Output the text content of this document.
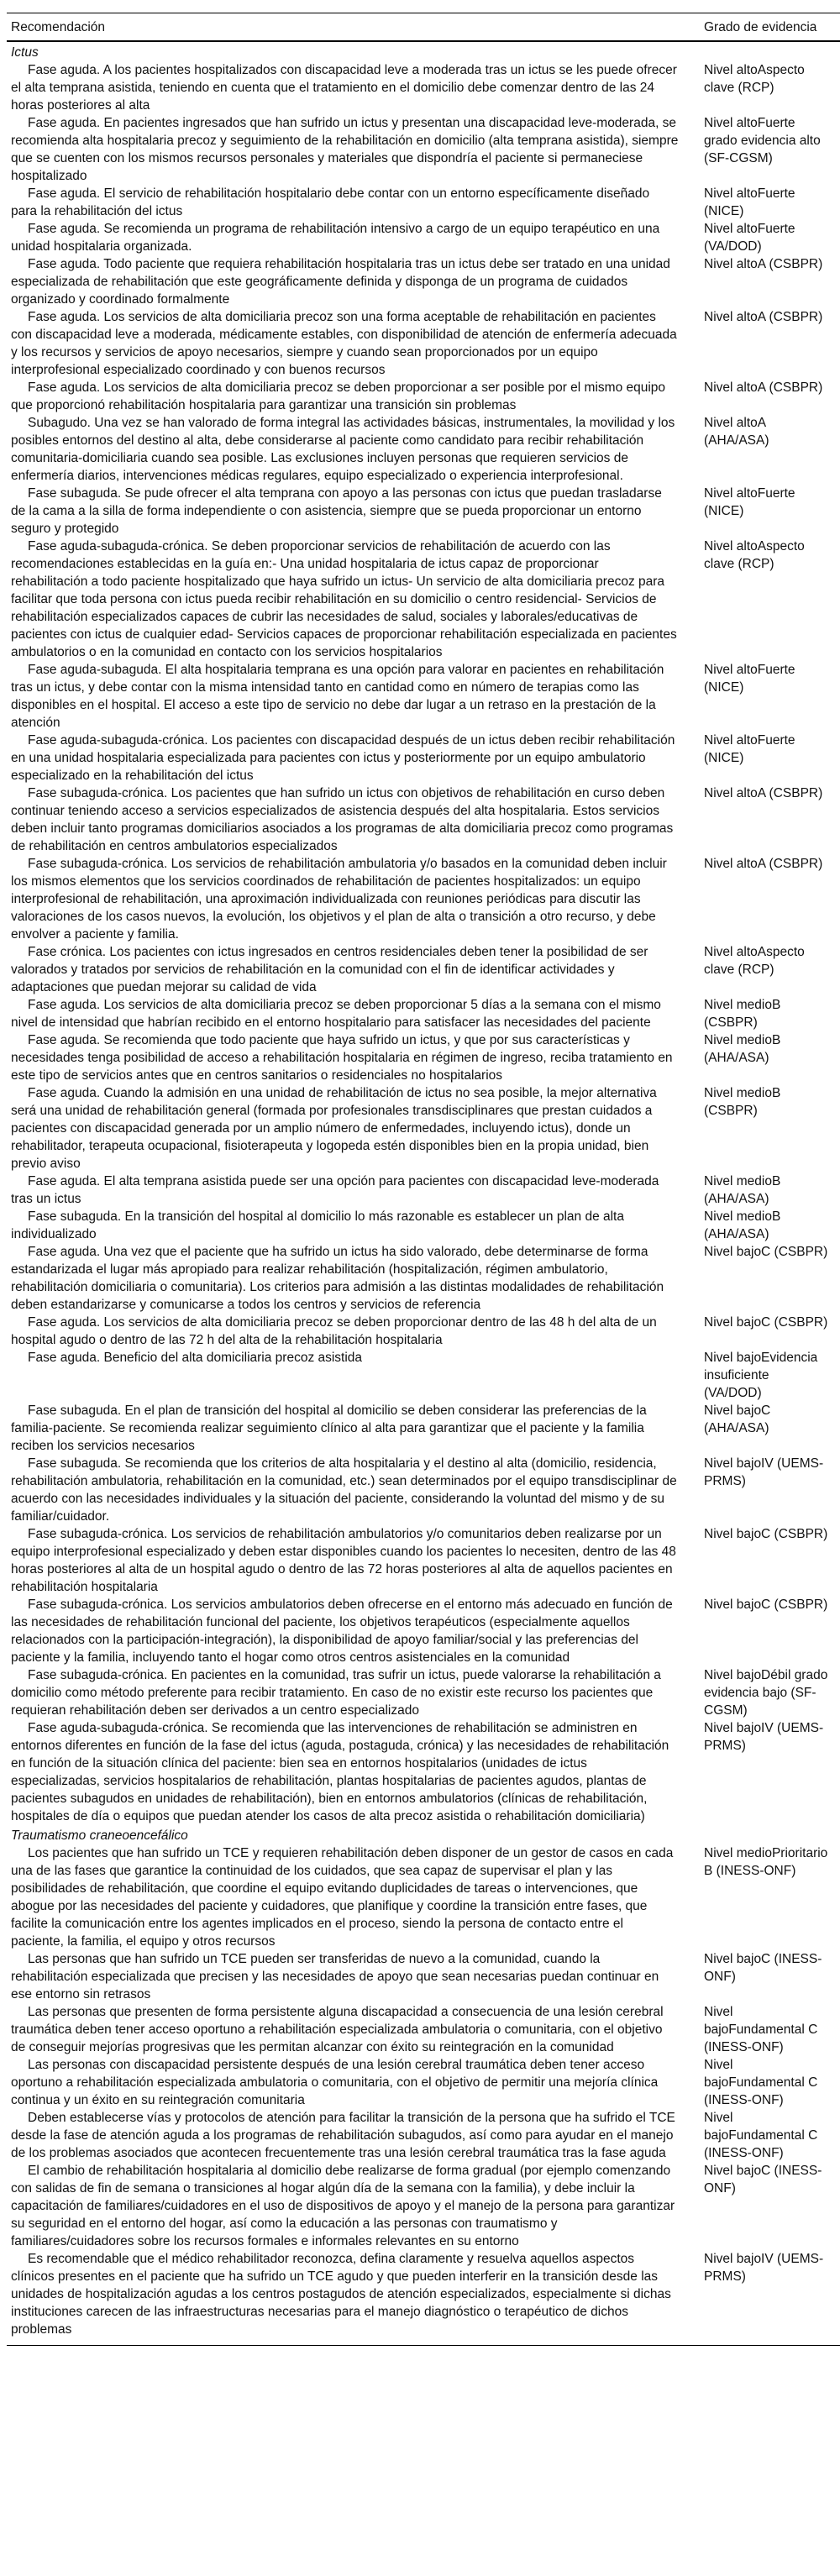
Recomendación	Grado de evidencia
Ictus
Fase aguda. A los pacientes hospitalizados con discapacidad leve a moderada tras un ictus se les puede ofrecer el alta temprana asistida, teniendo en cuenta que el tratamiento en el domicilio debe comenzar dentro de las 24 horas posteriores al alta
Nivel altoAspecto clave (RCP)
Fase aguda. En pacientes ingresados que han sufrido un ictus y presentan una discapacidad leve-moderada, se recomienda alta hospitalaria precoz y seguimiento de la rehabilitación en domicilio (alta temprana asistida), siempre que se cuenten con los mismos recursos personales y materiales que dispondría el paciente si permaneciese hospitalizado
Nivel altoFuerte grado evidencia alto (SF-CGSM)
Fase aguda. El servicio de rehabilitación hospitalario debe contar con un entorno específicamente diseñado para la rehabilitación del ictus
Nivel altoFuerte (NICE)
Fase aguda. Se recomienda un programa de rehabilitación intensivo a cargo de un equipo terapéutico en una unidad hospitalaria organizada.
Nivel altoFuerte (VA/DOD)
Fase aguda. Todo paciente que requiera rehabilitación hospitalaria tras un ictus debe ser tratado en una unidad especializada de rehabilitación que este geográficamente definida y disponga de un programa de cuidados organizado y coordinado formalmente
Nivel altoA (CSBPR)
Fase aguda. Los servicios de alta domiciliaria precoz son una forma aceptable de rehabilitación en pacientes con discapacidad leve a moderada, médicamente estables, con disponibilidad de atención de enfermería adecuada y los recursos y servicios de apoyo necesarios, siempre y cuando sean proporcionados por un equipo interprofesional especializado coordinado y con buenos recursos
Nivel altoA (CSBPR)
Fase aguda. Los servicios de alta domiciliaria precoz se deben proporcionar a ser posible por el mismo equipo que proporcionó rehabilitación hospitalaria para garantizar una transición sin problemas
Nivel altoA (CSBPR)
Subagudo. Una vez se han valorado de forma integral las actividades básicas, instrumentales, la movilidad y los posibles entornos del destino al alta, debe considerarse al paciente como candidato para recibir rehabilitación comunitaria-domiciliaria cuando sea posible. Las exclusiones incluyen personas que requieren servicios de enfermería diarios, intervenciones médicas regulares, equipo especializado o experiencia interprofesional.
Nivel altoA (AHA/ASA)
Fase subaguda. Se pude ofrecer el alta temprana con apoyo a las personas con ictus que puedan trasladarse de la cama a la silla de forma independiente o con asistencia, siempre que se pueda proporcionar un entorno seguro y protegido
Nivel altoFuerte (NICE)
Fase aguda-subaguda-crónica. Se deben proporcionar servicios de rehabilitación de acuerdo con las recomendaciones establecidas en la guía en:- Una unidad hospitalaria de ictus capaz de proporcionar rehabilitación a todo paciente hospitalizado que haya sufrido un ictus- Un servicio de alta domiciliaria precoz para facilitar que toda persona con ictus pueda recibir rehabilitación en su domicilio o centro residencial- Servicios de rehabilitación especializados capaces de cubrir las necesidades de salud, sociales y laborales/educativas de pacientes con ictus de cualquier edad- Servicios capaces de proporcionar rehabilitación especializada en pacientes ambulatorios o en la comunidad en contacto con los servicios hospitalarios
Nivel altoAspecto clave (RCP)
Fase aguda-subaguda. El alta hospitalaria temprana es una opción para valorar en pacientes en rehabilitación tras un ictus, y debe contar con la misma intensidad tanto en cantidad como en número de terapias como las disponibles en el hospital. El acceso a este tipo de servicio no debe dar lugar a un retraso en la prestación de la atención
Nivel altoFuerte (NICE)
Fase aguda-subaguda-crónica. Los pacientes con discapacidad después de un ictus deben recibir rehabilitación en una unidad hospitalaria especializada para pacientes con ictus y posteriormente por un equipo ambulatorio especializado en la rehabilitación del ictus
Nivel altoFuerte (NICE)
Fase subaguda-crónica. Los pacientes que han sufrido un ictus con objetivos de rehabilitación en curso deben continuar teniendo acceso a servicios especializados de asistencia después del alta hospitalaria. Estos servicios deben incluir tanto programas domiciliarios asociados a los programas de alta domiciliaria precoz como programas de rehabilitación en centros ambulatorios especializados
Nivel altoA (CSBPR)
Fase subaguda-crónica. Los servicios de rehabilitación ambulatoria y/o basados en la comunidad deben incluir los mismos elementos que los servicios coordinados de rehabilitación de pacientes hospitalizados: un equipo interprofesional de rehabilitación, una aproximación individualizada con reuniones periódicas para discutir las valoraciones de los casos nuevos, la evolución, los objetivos y el plan de alta o transición a otro recurso, y debe envolver a paciente y familia.
Nivel altoA (CSBPR)
Fase crónica. Los pacientes con ictus ingresados en centros residenciales deben tener la posibilidad de ser valorados y tratados por servicios de rehabilitación en la comunidad con el fin de identificar actividades y adaptaciones que puedan mejorar su calidad de vida
Nivel altoAspecto clave (RCP)
Fase aguda. Los servicios de alta domiciliaria precoz se deben proporcionar 5 días a la semana con el mismo nivel de intensidad que habrían recibido en el entorno hospitalario para satisfacer las necesidades del paciente
Nivel medioB (CSBPR)
Fase aguda. Se recomienda que todo paciente que haya sufrido un ictus, y que por sus características y necesidades tenga posibilidad de acceso a rehabilitación hospitalaria en régimen de ingreso, reciba tratamiento en este tipo de servicios antes que en centros sanitarios o residenciales no hospitalarios
Nivel medioB (AHA/ASA)
Fase aguda. Cuando la admisión en una unidad de rehabilitación de ictus no sea posible, la mejor alternativa será una unidad de rehabilitación general (formada por profesionales transdisciplinares que prestan cuidados a pacientes con discapacidad generada por un amplio número de enfermedades, incluyendo ictus), donde un rehabilitador, terapeuta ocupacional, fisioterapeuta y logopeda estén disponibles bien en la propia unidad, bien previo aviso
Nivel medioB (CSBPR)
Fase aguda. El alta temprana asistida puede ser una opción para pacientes con discapacidad leve-moderada tras un ictus
Nivel medioB (AHA/ASA)
Fase subaguda. En la transición del hospital al domicilio lo más razonable es establecer un plan de alta individualizado
Nivel medioB (AHA/ASA)
Fase aguda. Una vez que el paciente que ha sufrido un ictus ha sido valorado, debe determinarse de forma estandarizada el lugar más apropiado para realizar rehabilitación (hospitalización, régimen ambulatorio, rehabilitación domiciliaria o comunitaria). Los criterios para admisión a las distintas modalidades de rehabilitación deben estandarizarse y comunicarse a todos los centros y servicios de referencia
Nivel bajoC (CSBPR)
Fase aguda. Los servicios de alta domiciliaria precoz se deben proporcionar dentro de las 48 h del alta de un hospital agudo o dentro de las 72 h del alta de la rehabilitación hospitalaria
Nivel bajoC (CSBPR)
Fase aguda. Beneficio del alta domiciliaria precoz asistida	Nivel bajoEvidencia insuficiente (VA/DOD)
Fase subaguda. En el plan de transición del hospital al domicilio se deben considerar las preferencias de la familia-paciente. Se recomienda realizar seguimiento clínico al alta para garantizar que el paciente y la familia reciben los servicios necesarios
Nivel bajoC (AHA/ASA)
Fase subaguda. Se recomienda que los criterios de alta hospitalaria y el destino al alta (domicilio, residencia, rehabilitación ambulatoria, rehabilitación en la comunidad, etc.) sean determinados por el equipo transdisciplinar de acuerdo con las necesidades individuales y la situación del paciente, considerando la voluntad del mismo y de su familiar/cuidador.
Nivel bajoIV (UEMS-PRMS)
Fase subaguda-crónica. Los servicios de rehabilitación ambulatorios y/o comunitarios deben realizarse por un equipo interprofesional especializado y deben estar disponibles cuando los pacientes lo necesiten, dentro de las 48 horas posteriores al alta de un hospital agudo o dentro de las 72 horas posteriores al alta de aquellos pacientes en rehabilitación hospitalaria
Nivel bajoC (CSBPR)
Fase subaguda-crónica. Los servicios ambulatorios deben ofrecerse en el entorno más adecuado en función de las necesidades de rehabilitación funcional del paciente, los objetivos terapéuticos (especialmente aquellos relacionados con la participación-integración), la disponibilidad de apoyo familiar/social y las preferencias del paciente y la familia, incluyendo tanto el hogar como otros centros asistenciales en la comunidad
Nivel bajoC (CSBPR)
Fase subaguda-crónica. En pacientes en la comunidad, tras sufrir un ictus, puede valorarse la rehabilitación a domicilio como método preferente para recibir tratamiento. En caso de no existir este recurso los pacientes que requieran rehabilitación deben ser derivados a un centro especializado
Nivel bajoDébil grado evidencia bajo (SF-CGSM)
Fase aguda-subaguda-crónica. Se recomienda que las intervenciones de rehabilitación se administren en entornos diferentes en función de la fase del ictus (aguda, postaguda, crónica) y las necesidades de rehabilitación en función de la situación clínica del paciente: bien sea en entornos hospitalarios (unidades de ictus especializadas, servicios hospitalarios de rehabilitación, plantas hospitalarias de pacientes agudos, plantas de pacientes subagudos en unidades de rehabilitación), bien en entornos ambulatorios (clínicas de rehabilitación, hospitales de día o equipos que puedan atender los casos de alta precoz asistida o rehabilitación domiciliaria)
Nivel bajoIV (UEMS-PRMS)
Traumatismo craneoencefálico
Los pacientes que han sufrido un TCE y requieren rehabilitación deben disponer de un gestor de casos en cada una de las fases que garantice la continuidad de los cuidados, que sea capaz de supervisar el plan y las posibilidades de rehabilitación, que coordine el equipo evitando duplicidades de tareas o intervenciones, que abogue por las necesidades del paciente y cuidadores, que planifique y coordine la transición entre fases, que facilite la comunicación entre los agentes implicados en el proceso, siendo la persona de contacto entre el paciente, la familia, el equipo y otros recursos
Nivel medioPrioritario B (INESS-ONF)
Las personas que han sufrido un TCE pueden ser transferidas de nuevo a la comunidad, cuando la rehabilitación especializada que precisen y las necesidades de apoyo que sean necesarias puedan continuar en ese entorno sin retrasos
Nivel bajoC (INESS-ONF)
Las personas que presenten de forma persistente alguna discapacidad a consecuencia de una lesión cerebral traumática deben tener acceso oportuno a rehabilitación especializada ambulatoria o comunitaria, con el objetivo de conseguir mejorías progresivas que les permitan alcanzar con éxito su reintegración en la comunidad
Nivel bajoFundamental C (INESS-ONF)
Las personas con discapacidad persistente después de una lesión cerebral traumática deben tener acceso oportuno a rehabilitación especializada ambulatoria o comunitaria, con el objetivo de permitir una mejoría clínica continua y un éxito en su reintegración comunitaria
Nivel bajoFundamental C (INESS-ONF)
Deben establecerse vías y protocolos de atención para facilitar la transición de la persona que ha sufrido el TCE desde la fase de atención aguda a los programas de rehabilitación subagudos, así como para ayudar en el manejo de los problemas asociados que acontecen frecuentemente tras una lesión cerebral traumática tras la fase aguda
Nivel bajoFundamental C (INESS-ONF)
El cambio de rehabilitación hospitalaria al domicilio debe realizarse de forma gradual (por ejemplo comenzando con salidas de fin de semana o transiciones al hogar algún día de la semana con la familia), y debe incluir la capacitación de familiares/cuidadores en el uso de dispositivos de apoyo y el manejo de la persona para garantizar su seguridad en el entorno del hogar, así como la educación a las personas con traumatismo y familiares/cuidadores sobre los recursos formales e informales relevantes en su entorno
Nivel bajoC (INESS-ONF)
Es recomendable que el médico rehabilitador reconozca, defina claramente y resuelva aquellos aspectos clínicos presentes en el paciente que ha sufrido un TCE agudo y que pueden interferir en la transición desde las unidades de hospitalización agudas a los centros postagudos de atención especializados, especialmente si dichas instituciones carecen de las infraestructuras necesarias para el manejo diagnóstico o terapéutico de dichos problemas
Nivel bajoIV (UEMS-PRMS)
